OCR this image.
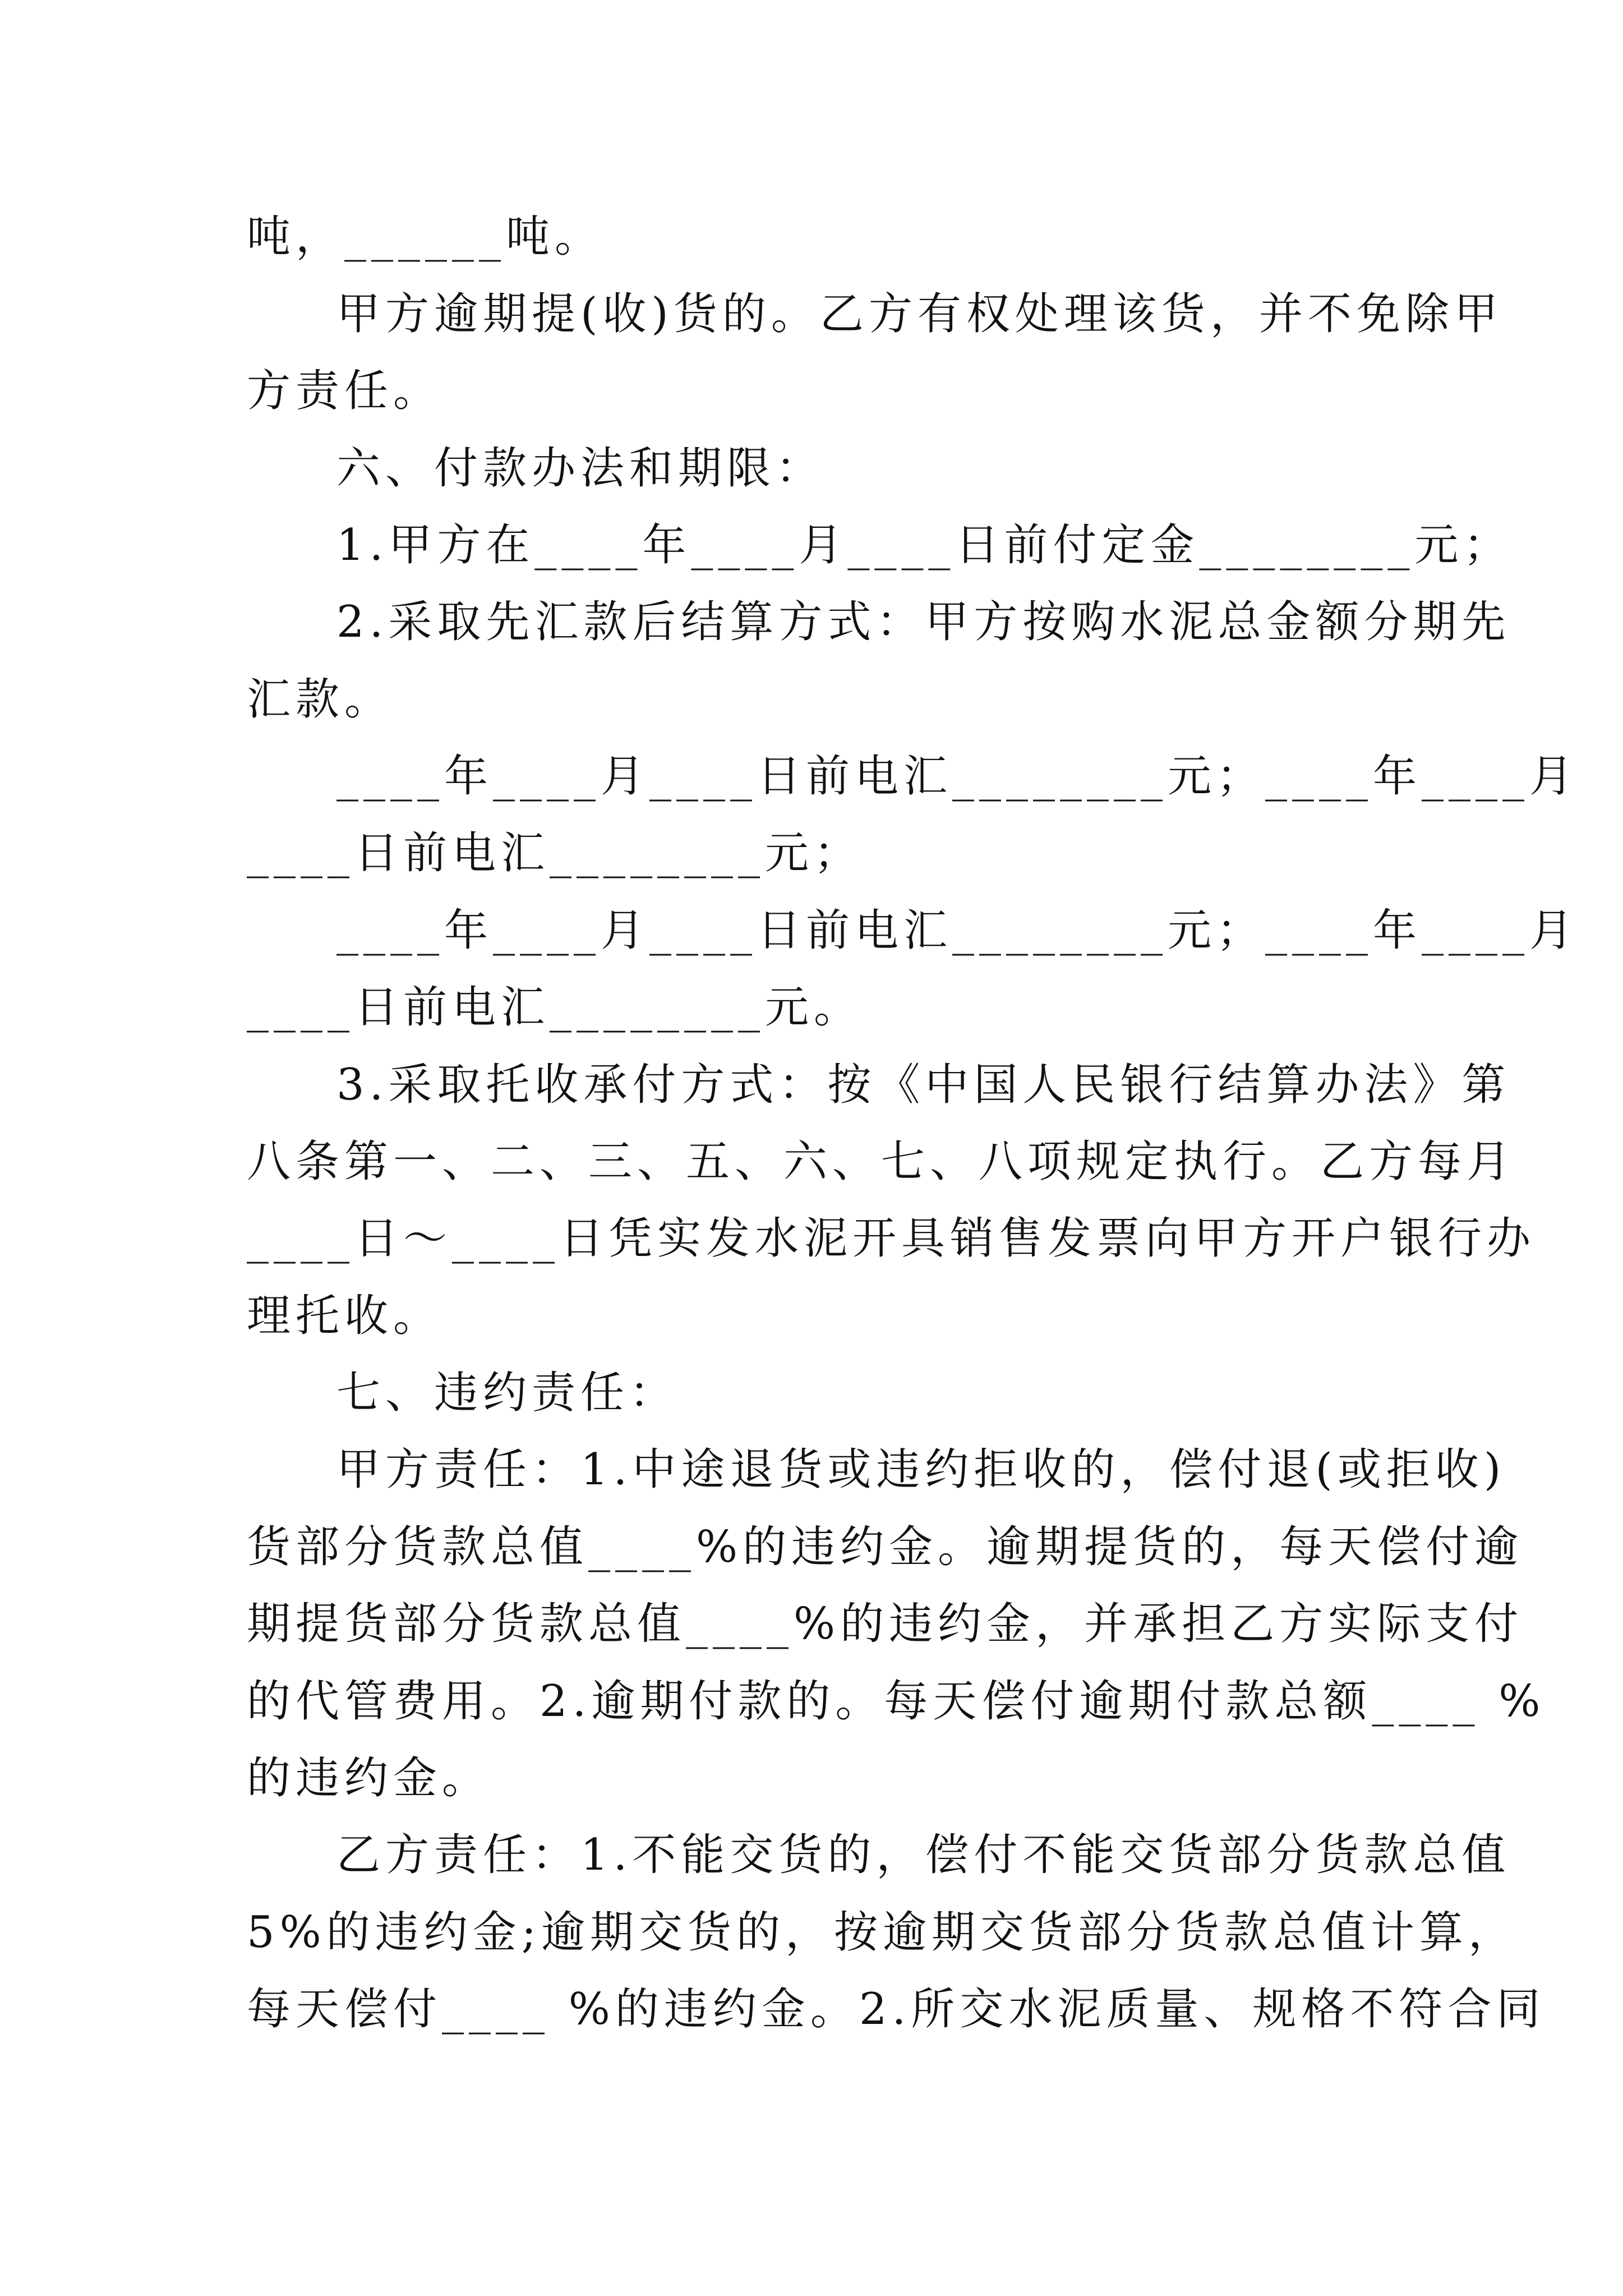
吨，______吨。
甲方逾期提(收)货的。乙方有权处理该货，并不免除甲
方责任。
六、付款办法和期限：
1.甲方在____年____月____日前付定金________元；
2.采取先汇款后结算方式：甲方按购水泥总金额分期先
汇款。
____年____月____日前电汇________元；____年____月
____日前电汇________元；
____年____月____日前电汇________元；____年____月
____日前电汇________元。
3.采取托收承付方式：按《中国人民银行结算办法》第
八条第一、二、三、五、六、七、八项规定执行。乙方每月
____日～____日凭实发水泥开具销售发票向甲方开户银行办
理托收。
七、违约责任：
甲方责任：1.中途退货或违约拒收的，偿付退(或拒收)
货部分货款总值____%的违约金。逾期提货的，每天偿付逾
期提货部分货款总值____%的违约金，并承担乙方实际支付
的代管费用。2.逾期付款的。每天偿付逾期付款总额____ %
的违约金。
乙方责任：1.不能交货的，偿付不能交货部分货款总值
5%的违约金;逾期交货的，按逾期交货部分货款总值计算，
每天偿付____ %的违约金。2.所交水泥质量、规格不符合同
